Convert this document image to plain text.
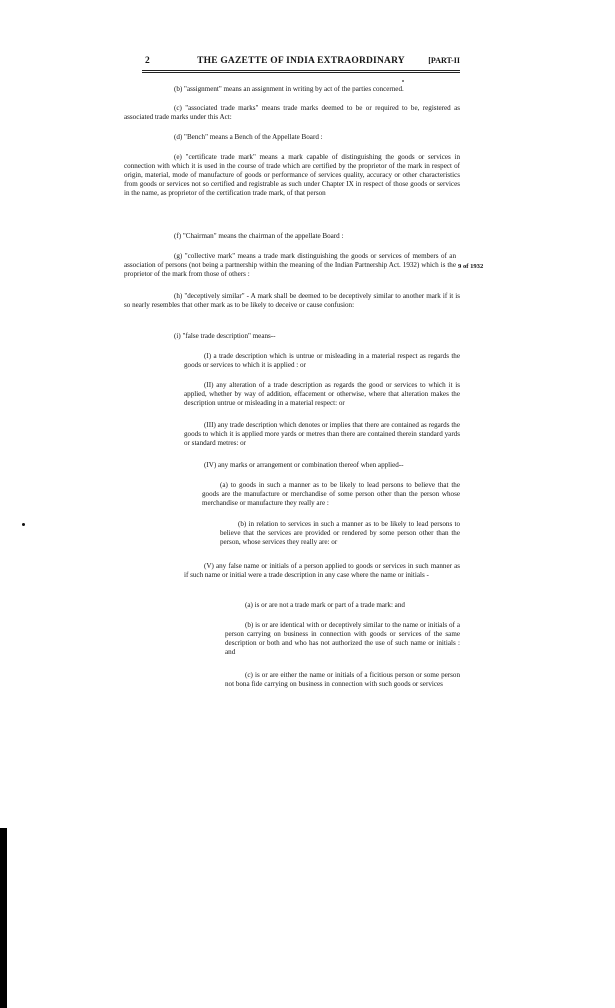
2	THE GAZETTE OF INDIA EXTRAORDINARY	[PART-II

(b) "assignment" means an assignment in writing by act of the parties concerned.

(c) "associated trade marks" means trade marks deemed to be or required to be, registered as associated trade marks under this Act:

(d) "Bench" means a Bench of the Appellate Board :

(e) "certificate trade mark" means a mark capable of distinguishing the goods or services in connection with which it is used in the course of trade which are certified by the proprietor of the mark in respect of origin, material, mode of manufacture of goods or performance of services quality, accuracy or other characteristics from goods or services not so certified and registrable as such under Chapter IX in respect of those goods or services in the name, as proprietor of the certification trade mark, of that person

(f) "Chairman" means the chairman of the appellate Board :

(g) "collective mark" means a trade mark distinguishing the goods or services of members of an association of persons (not being a partnership within the meaning of the Indian Partnership Act. 1932) which is the proprietor of the mark from those of others :

9 of 1932

(h) "deceptively similar" - A mark shall be deemed to be deceptively similar to another mark if it is so nearly resembles that other mark as to be likely to deceive or cause confusion:

(i) "false trade description" means--

(I) a trade description which is untrue or misleading in a material respect as regards the goods or services to which it is applied : or

(II) any alteration of a trade description as regards the good or services to which it is applied, whether by way of addition, effacement or otherwise, where that alteration makes the description untrue or misleading in a material respect: or

(III) any trade description which denotes or implies that there are contained as regards the goods to which it is applied more yards or metres than there are contained therein standard yards or standard metres: or

(IV) any marks or arrangement or combination thereof when applied--

(a) to goods in such a manner as to be likely to lead persons to believe that the goods are the manufacture or merchandise of some person other than the person whose merchandise or manufacture they really are :

(b) in relation to services in such a manner as to be likely to lead persons to believe that the services are provided or rendered by some person other than the person, whose services they really are: or

(V) any false name or initials of a person applied to goods or services in such manner as if such name or initial were a trade description in any case where the name or initials -

(a) is or are not a trade mark or part of a trade mark: and

(b) is or are identical with or deceptively similar to the name or initials of a person carrying on business in connection with goods or services of the same description or both and who has not authorized the use of such name or initials : and

(c) is or are either the name or initials of a ficitious person or some person not bona fide carrying on business in connection with such goods or services
